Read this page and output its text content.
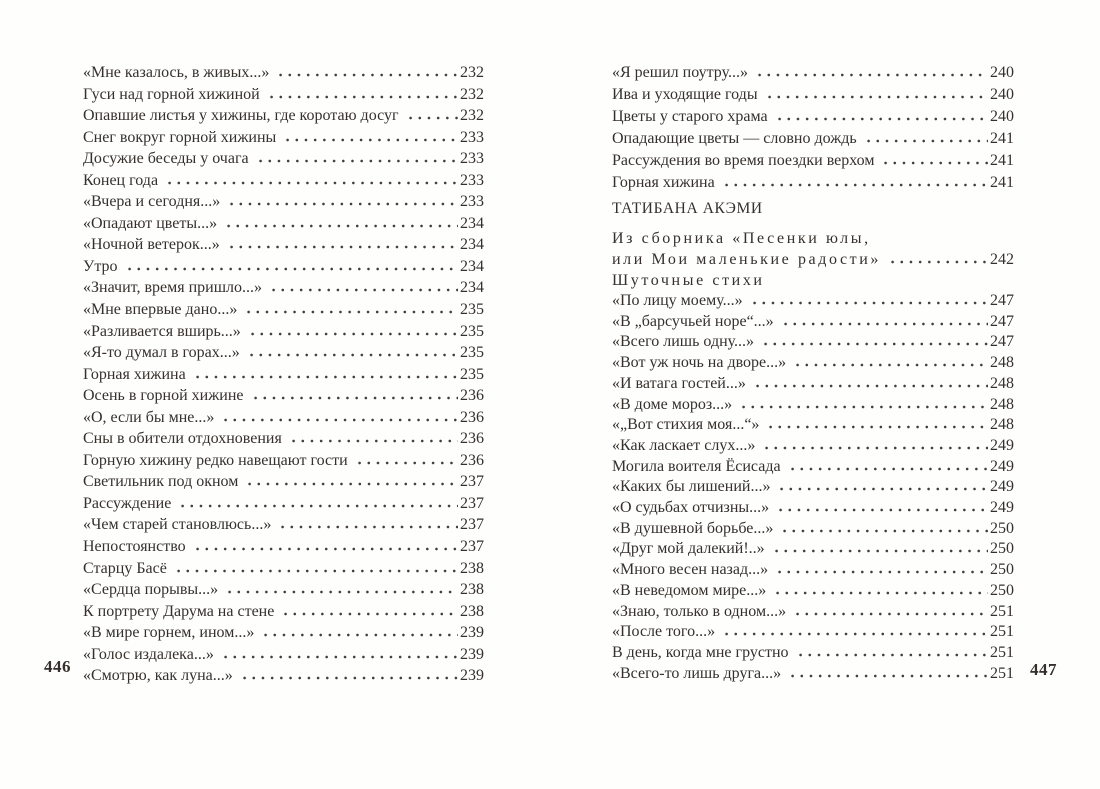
«Мне казалось, в живых...»	232
Гуси над горной хижиной	232
Опавшие листья у хижины, где коротаю досуг	232
Снег вокруг горной хижины	233
Досужие беседы у очага	233
Конец года	233
«Вчера и сегодня...»	233
«Опадают цветы...»	234
«Ночной ветерок...»	234
Утро	234
«Значит, время пришло...»	234
«Мне впервые дано...»	235
«Разливается вширь...»	235
«Я-то думал в горах...»	235
Горная хижина	235
Осень в горной хижине	236
«О, если бы мне...»	236
Сны в обители отдохновения	236
Горную хижину редко навещают гости	236
Светильник под окном	237
Рассуждение	237
«Чем старей становлюсь...»	237
Непостоянство	237
Старцу Басё	238
«Сердца порывы...»	238
К портрету Дарума на стене	238
«В мире горнем, ином...»	239
«Голос издалека...»	239
«Смотрю, как луна...»	239
«Я решил поутру...»	240
Ива и уходящие годы	240
Цветы у старого храма	240
Опадающие цветы — словно дождь	241
Рассуждения во время поездки верхом	241
Горная хижина	241
ТАТИБАНА АКЭМИ
Из сборника «Песенки юлы,
или Мои маленькие радости»	242
Шуточные стихи
«По лицу моему...»	247
«В „барсучьей норе“...»	247
«Всего лишь одну...»	247
«Вот уж ночь на дворе...»	248
«И ватага гостей...»	248
«В доме мороз...»	248
«„Вот стихия моя...“»	248
«Как ласкает слух...»	249
Могила воителя Ёсисада	249
«Каких бы лишений...»	249
«О судьбах отчизны...»	249
«В душевной борьбе...»	250
«Друг мой далекий!..»	250
«Много весен назад...»	250
«В неведомом мире...»	250
«Знаю, только в одном...»	251
«После того...»	251
В день, когда мне грустно	251
«Всего-то лишь друга...»	251
446	447
